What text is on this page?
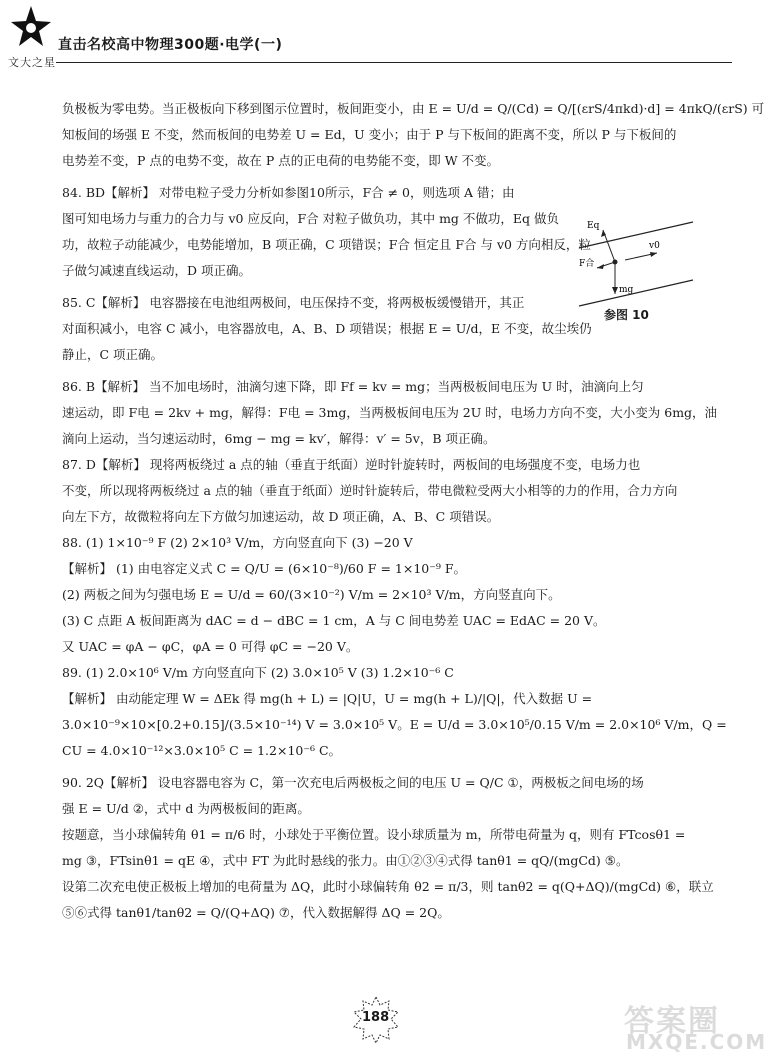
文大之星
直击名校高中物理300题·电学(一)

负极板为零电势。当正极板向下移到图示位置时，板间距变小，由 E = U/d = Q/(Cd) = Q/[(εrS/4πkd)·d] = 4πkQ/(εrS) 可

知板间的场强 E 不变，然而板间的电势差 U = Ed，U 变小；由于 P 与下板间的距离不变，所以 P 与下板间的

电势差不变，P 点的电势不变，故在 P 点的正电荷的电势能不变，即 W 不变。

84. BD【解析】 对带电粒子受力分析如参图10所示，F合 ≠ 0，则选项 A 错；由

图可知电场力与重力的合力与 v0 应反向，F合 对粒子做负功，其中 mg 不做功，Eq 做负

功，故粒子动能减少，电势能增加，B 项正确，C 项错误；F合 恒定且 F合 与 v0 方向相反，粒

子做匀减速直线运动，D 项正确。

85. C【解析】 电容器接在电池组两极间，电压保持不变，将两极板缓慢错开，其正

对面积减小，电容 C 减小，电容器放电，A、B、D 项错误；根据 E = U/d，E 不变，故尘埃仍

静止，C 项正确。

86. B【解析】 当不加电场时，油滴匀速下降，即 Ff = kv = mg；当两极板间电压为 U 时，油滴向上匀

速运动，即 F电 = 2kv + mg，解得：F电 = 3mg，当两极板间电压为 2U 时，电场力方向不变，大小变为 6mg，油

滴向上运动，当匀速运动时，6mg − mg = kv′，解得：v′ = 5v，B 项正确。

87. D【解析】 现将两板绕过 a 点的轴（垂直于纸面）逆时针旋转时，两板间的电场强度不变，电场力也

不变，所以现将两板绕过 a 点的轴（垂直于纸面）逆时针旋转后，带电微粒受两大小相等的力的作用，合力方向

向左下方，故微粒将向左下方做匀加速运动，故 D 项正确，A、B、C 项错误。

88. (1) 1×10⁻⁹ F (2) 2×10³ V/m，方向竖直向下 (3) −20 V

【解析】 (1) 由电容定义式 C = Q/U = (6×10⁻⁸)/60 F = 1×10⁻⁹ F。

(2) 两板之间为匀强电场 E = U/d = 60/(3×10⁻²) V/m = 2×10³ V/m，方向竖直向下。

(3) C 点距 A 板间距离为 dAC = d − dBC = 1 cm，A 与 C 间电势差 UAC = EdAC = 20 V。

又 UAC = φA − φC，φA = 0 可得 φC = −20 V。

89. (1) 2.0×10⁶ V/m 方向竖直向下 (2) 3.0×10⁵ V (3) 1.2×10⁻⁶ C

【解析】 由动能定理 W = ΔEk 得 mg(h + L) = |Q|U，U = mg(h + L)/|Q|，代入数据 U =

3.0×10⁻⁹×10×[0.2+0.15]/(3.5×10⁻¹⁴) V = 3.0×10⁵ V。E = U/d = 3.0×10⁵/0.15 V/m = 2.0×10⁶ V/m，Q =

CU = 4.0×10⁻¹²×3.0×10⁵ C = 1.2×10⁻⁶ C。

90. 2Q【解析】 设电容器电容为 C，第一次充电后两极板之间的电压 U = Q/C ①，两极板之间电场的场

强 E = U/d ②，式中 d 为两极板间的距离。

按题意，当小球偏转角 θ1 = π/6 时，小球处于平衡位置。设小球质量为 m，所带电荷量为 q，则有 FTcosθ1 =

mg ③，FTsinθ1 = qE ④，式中 FT 为此时悬线的张力。由①②③④式得 tanθ1 = qQ/(mgCd) ⑤。

设第二次充电使正极板上增加的电荷量为 ΔQ，此时小球偏转角 θ2 = π/3，则 tanθ2 = q(Q+ΔQ)/(mgCd) ⑥，联立

⑤⑥式得 tanθ1/tanθ2 = Q/(Q+ΔQ) ⑦，代入数据解得 ΔQ = 2Q。

Eq
F合
v0
mg
参图 10
188	答案圈
MXQE.COM
